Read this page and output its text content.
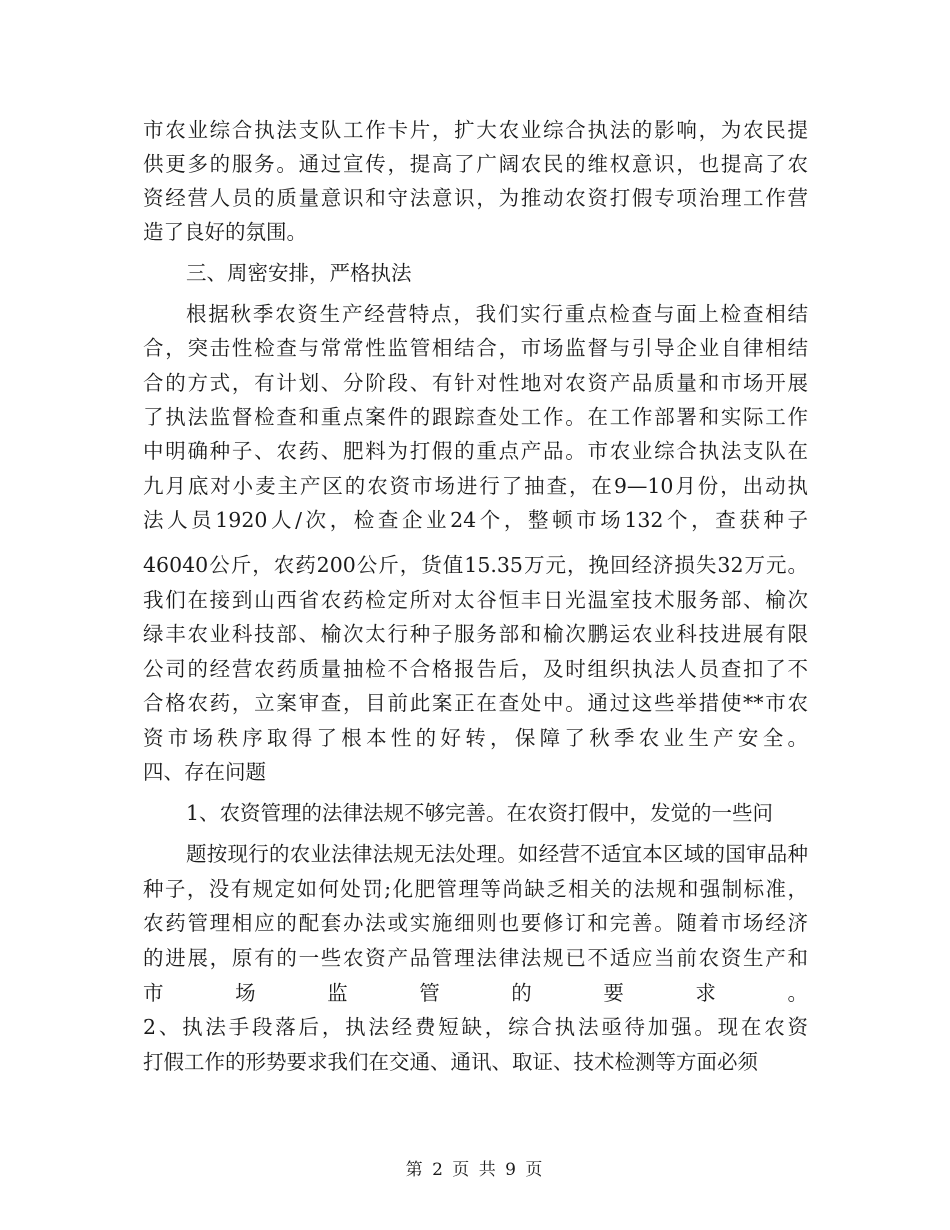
市农业综合执法支队工作卡片，扩大农业综合执法的影响，为农民提
供更多的服务。通过宣传，提高了广阔农民的维权意识，也提高了农
资经营人员的质量意识和守法意识，为推动农资打假专项治理工作营
造了良好的氛围。
三、周密安排，严格执法
根据秋季农资生产经营特点，我们实行重点检查与面上检查相结
合，突击性检查与常常性监管相结合，市场监督与引导企业自律相结
合的方式，有计划、分阶段、有针对性地对农资产品质量和市场开展
了执法监督检查和重点案件的跟踪查处工作。在工作部署和实际工作
中明确种子、农药、肥料为打假的重点产品。市农业综合执法支队在
九月底对小麦主产区的农资市场进行了抽查，在9—10月份，出动执
法人员1920人/次，检查企业24个，整顿市场132个，查获种子
46040公斤，农药200公斤，货值15.35万元，挽回经济损失32万元。
我们在接到山西省农药检定所对太谷恒丰日光温室技术服务部、榆次
绿丰农业科技部、榆次太行种子服务部和榆次鹏运农业科技进展有限
公司的经营农药质量抽检不合格报告后，及时组织执法人员查扣了不
合格农药，立案审查，目前此案正在查处中。通过这些举措使**市农
资市场秩序取得了根本性的好转，保障了秋季农业生产安全。
四、存在问题
1、农资管理的法律法规不够完善。在农资打假中，发觉的一些问
题按现行的农业法律法规无法处理。如经营不适宜本区域的国审品种
种子，没有规定如何处罚;化肥管理等尚缺乏相关的法规和强制标准，
农药管理相应的配套办法或实施细则也要修订和完善。随着市场经济
的进展，原有的一些农资产品管理法律法规已不适应当前农资生产和
市场监管的要求。
2、执法手段落后，执法经费短缺，综合执法亟待加强。现在农资
打假工作的形势要求我们在交通、通讯、取证、技术检测等方面必须
第 2 页 共 9 页
